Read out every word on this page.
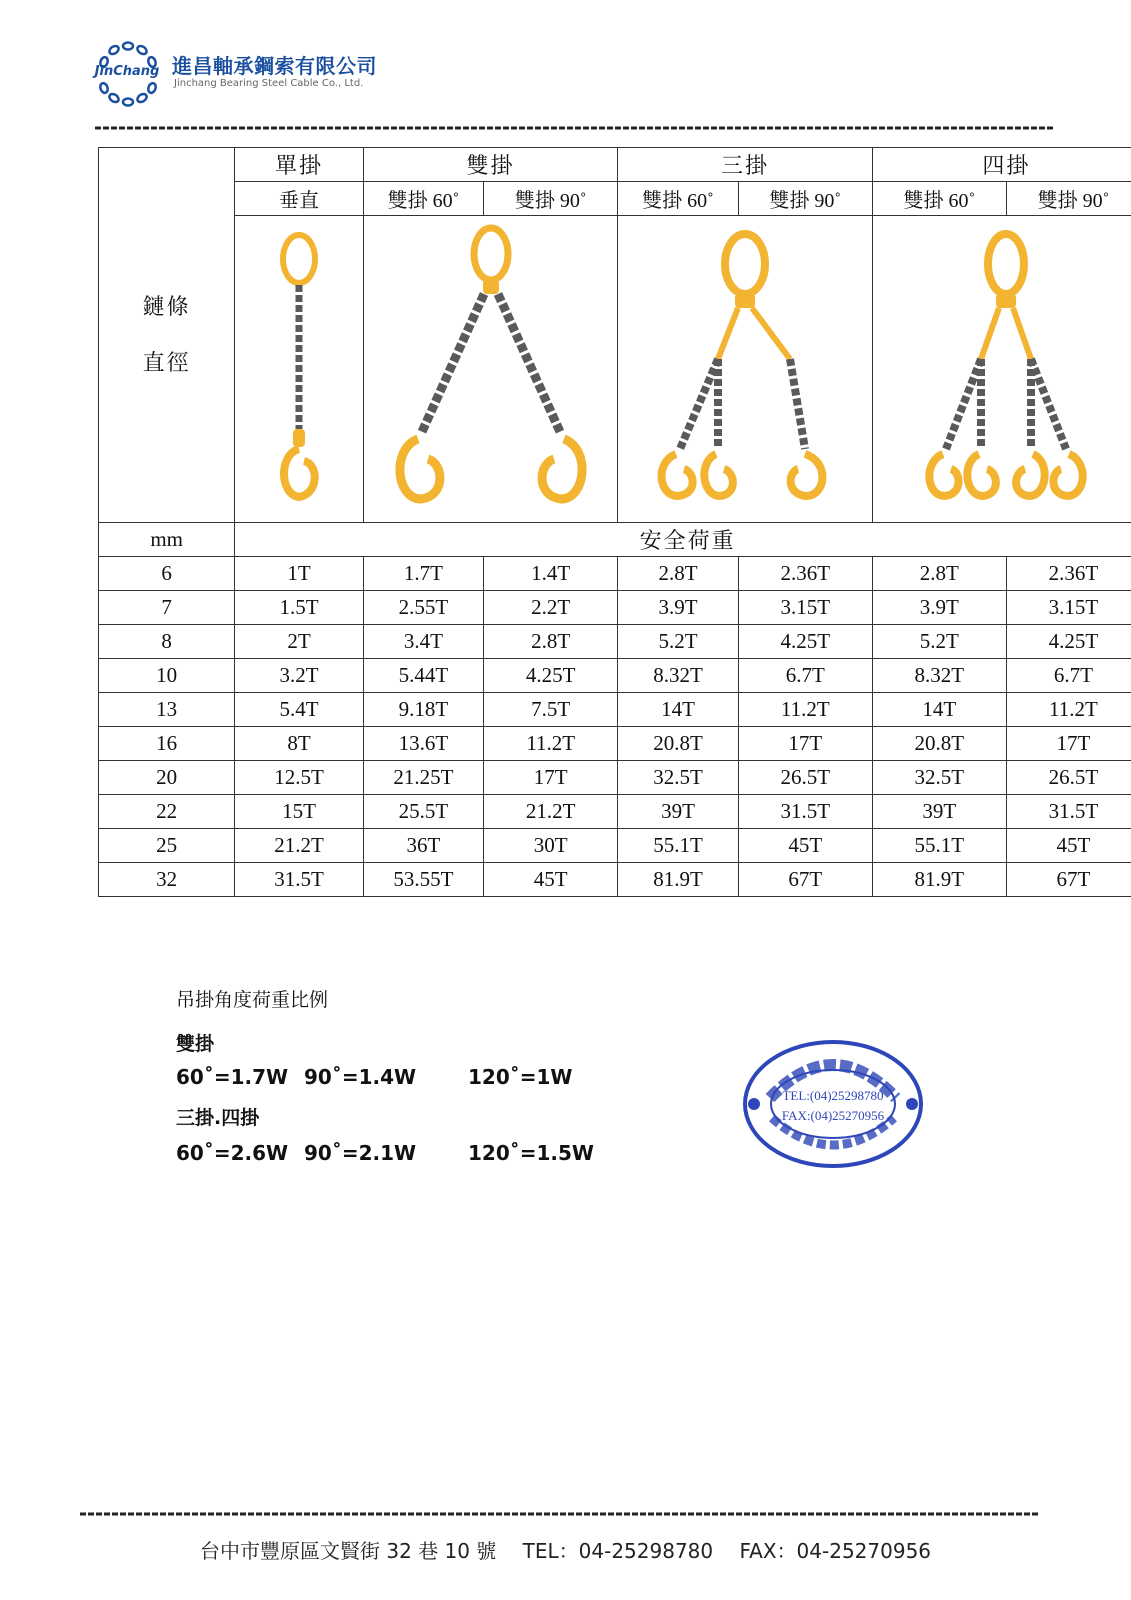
JinChang 進昌軸承鋼索有限公司
Jinchang Bearing Steel Cable Co., Ltd.
鏈條
直徑	單掛	雙掛		三掛		四掛	
	垂直	雙掛 60˚	雙掛 90˚	雙掛 60˚	雙掛 90˚	雙掛 60˚	雙掛 90˚

mm	安全荷重						
6	1T	1.7T	1.4T	2.8T	2.36T	2.8T	2.36T
7	1.5T	2.55T	2.2T	3.9T	3.15T	3.9T	3.15T
8	2T	3.4T	2.8T	5.2T	4.25T	5.2T	4.25T
10	3.2T	5.44T	4.25T	8.32T	6.7T	8.32T	6.7T
13	5.4T	9.18T	7.5T	14T	11.2T	14T	11.2T
16	8T	13.6T	11.2T	20.8T	17T	20.8T	17T
20	12.5T	21.25T	17T	32.5T	26.5T	32.5T	26.5T
22	15T	25.5T	21.2T	39T	31.5T	39T	31.5T
25	21.2T	36T	30T	55.1T	45T	55.1T	45T
32	31.5T	53.55T	45T	81.9T	67T	81.9T	67T
吊掛角度荷重比例
雙掛
60˚=1.7W 90˚=1.4W	120˚=1W
三掛.四掛
60˚=2.6W 90˚=2.1W	120˚=1.5W
TEL:(04)25298780
FAX:(04)25270956
台中市豐原區文賢街 32 巷 10 號 TEL：04-25298780 FAX：04-25270956
